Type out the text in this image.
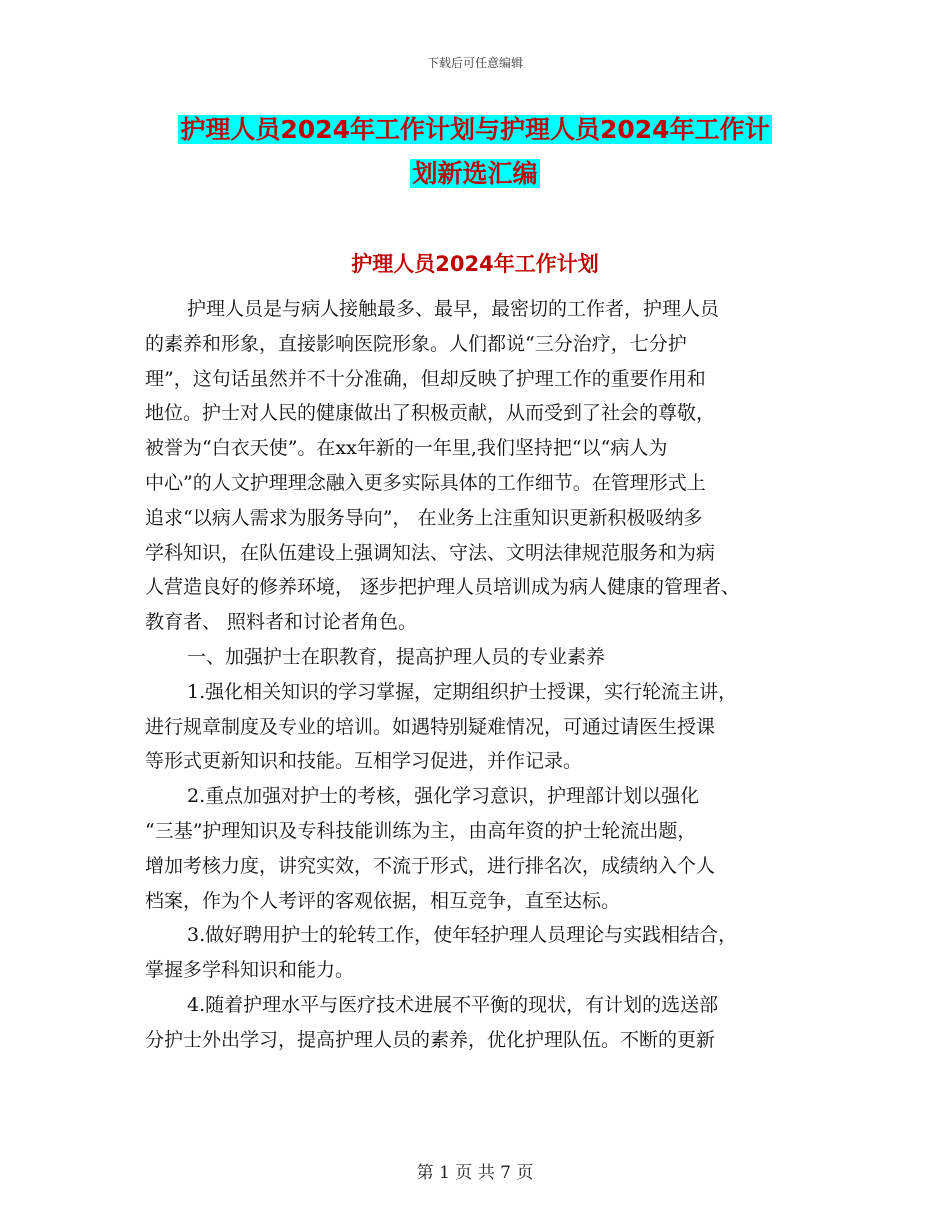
下载后可任意编辑
护理人员2024年工作计划与护理人员2024年工作计
划新选汇编
护理人员2024年工作计划
护理人员是与病人接触最多、最早，最密切的工作者，护理人员
的素养和形象，直接影响医院形象。人们都说“三分治疗，七分护
理”，这句话虽然并不十分准确，但却反映了护理工作的重要作用和
地位。护士对人民的健康做出了积极贡献，从而受到了社会的尊敬，
被誉为“白衣天使”。在xx年新的一年里,我们坚持把“以“病人为
中心”的人文护理理念融入更多实际具体的工作细节。在管理形式上
追求“以病人需求为服务导向”， 在业务上注重知识更新积极吸纳多
学科知识，在队伍建设上强调知法、守法、文明法律规范服务和为病
人营造良好的修养环境， 逐步把护理人员培训成为病人健康的管理者、
教育者、 照料者和讨论者角色。
一、加强护士在职教育，提高护理人员的专业素养
1.强化相关知识的学习掌握，定期组织护士授课，实行轮流主讲，
进行规章制度及专业的培训。如遇特别疑难情况，可通过请医生授课
等形式更新知识和技能。互相学习促进，并作记录。
2.重点加强对护士的考核，强化学习意识，护理部计划以强化
“三基”护理知识及专科技能训练为主，由高年资的护士轮流出题，
增加考核力度，讲究实效，不流于形式，进行排名次，成绩纳入个人
档案，作为个人考评的客观依据，相互竞争，直至达标。
3.做好聘用护士的轮转工作，使年轻护理人员理论与实践相结合，
掌握多学科知识和能力。
4.随着护理水平与医疗技术进展不平衡的现状，有计划的选送部
分护士外出学习，提高护理人员的素养，优化护理队伍。不断的更新
第 1 页 共 7 页
